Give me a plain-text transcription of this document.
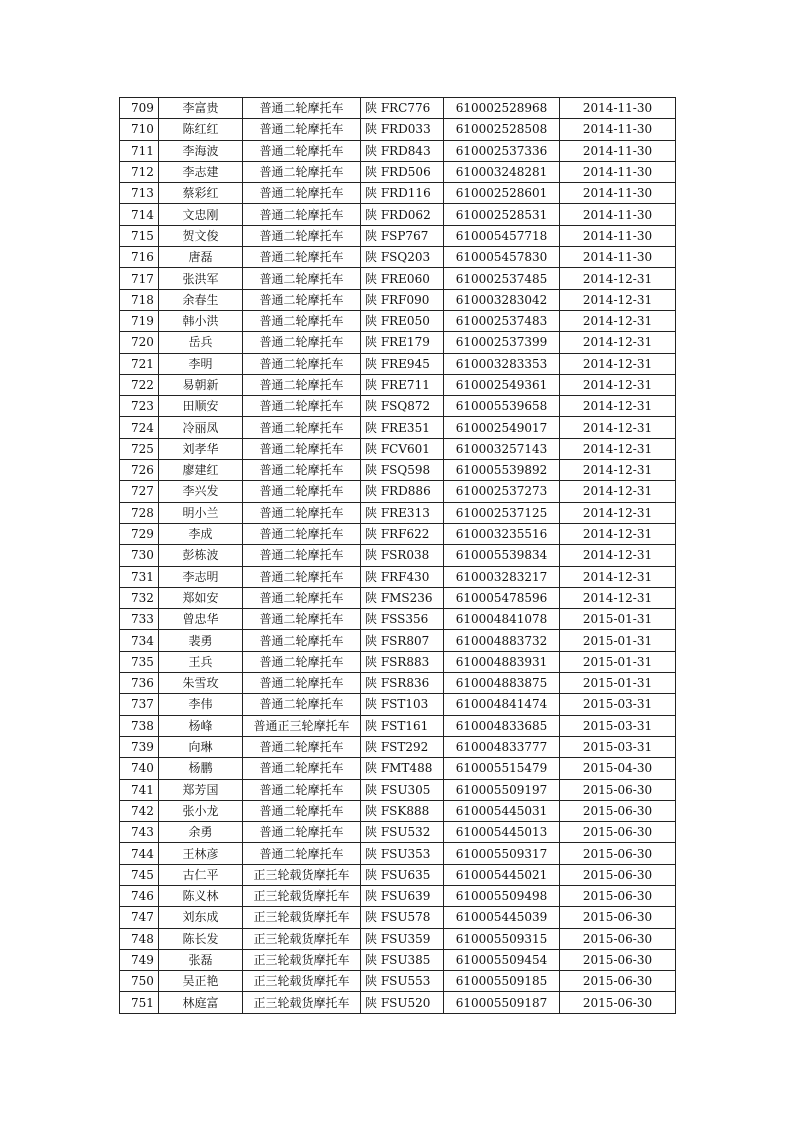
709	李富贵	普通二轮摩托车	陕 FRC776	610002528968	2014-11-30
710	陈红红	普通二轮摩托车	陕 FRD033	610002528508	2014-11-30
711	李海波	普通二轮摩托车	陕 FRD843	610002537336	2014-11-30
712	李志建	普通二轮摩托车	陕 FRD506	610003248281	2014-11-30
713	蔡彩红	普通二轮摩托车	陕 FRD116	610002528601	2014-11-30
714	文忠刚	普通二轮摩托车	陕 FRD062	610002528531	2014-11-30
715	贺文俊	普通二轮摩托车	陕 FSP767	610005457718	2014-11-30
716	唐磊	普通二轮摩托车	陕 FSQ203	610005457830	2014-11-30
717	张洪军	普通二轮摩托车	陕 FRE060	610002537485	2014-12-31
718	余春生	普通二轮摩托车	陕 FRF090	610003283042	2014-12-31
719	韩小洪	普通二轮摩托车	陕 FRE050	610002537483	2014-12-31
720	岳兵	普通二轮摩托车	陕 FRE179	610002537399	2014-12-31
721	李明	普通二轮摩托车	陕 FRE945	610003283353	2014-12-31
722	易朝新	普通二轮摩托车	陕 FRE711	610002549361	2014-12-31
723	田顺安	普通二轮摩托车	陕 FSQ872	610005539658	2014-12-31
724	冷丽凤	普通二轮摩托车	陕 FRE351	610002549017	2014-12-31
725	刘孝华	普通二轮摩托车	陕 FCV601	610003257143	2014-12-31
726	廖建红	普通二轮摩托车	陕 FSQ598	610005539892	2014-12-31
727	李兴发	普通二轮摩托车	陕 FRD886	610002537273	2014-12-31
728	明小兰	普通二轮摩托车	陕 FRE313	610002537125	2014-12-31
729	李成	普通二轮摩托车	陕 FRF622	610003235516	2014-12-31
730	彭栋波	普通二轮摩托车	陕 FSR038	610005539834	2014-12-31
731	李志明	普通二轮摩托车	陕 FRF430	610003283217	2014-12-31
732	郑如安	普通二轮摩托车	陕 FMS236	610005478596	2014-12-31
733	曾忠华	普通二轮摩托车	陕 FSS356	610004841078	2015-01-31
734	裴勇	普通二轮摩托车	陕 FSR807	610004883732	2015-01-31
735	王兵	普通二轮摩托车	陕 FSR883	610004883931	2015-01-31
736	朱雪玫	普通二轮摩托车	陕 FSR836	610004883875	2015-01-31
737	李伟	普通二轮摩托车	陕 FST103	610004841474	2015-03-31
738	杨峰	普通正三轮摩托车	陕 FST161	610004833685	2015-03-31
739	向琳	普通二轮摩托车	陕 FST292	610004833777	2015-03-31
740	杨鹏	普通二轮摩托车	陕 FMT488	610005515479	2015-04-30
741	郑芳国	普通二轮摩托车	陕 FSU305	610005509197	2015-06-30
742	张小龙	普通二轮摩托车	陕 FSK888	610005445031	2015-06-30
743	余勇	普通二轮摩托车	陕 FSU532	610005445013	2015-06-30
744	王林彦	普通二轮摩托车	陕 FSU353	610005509317	2015-06-30
745	古仁平	正三轮载货摩托车	陕 FSU635	610005445021	2015-06-30
746	陈义林	正三轮载货摩托车	陕 FSU639	610005509498	2015-06-30
747	刘东成	正三轮载货摩托车	陕 FSU578	610005445039	2015-06-30
748	陈长发	正三轮载货摩托车	陕 FSU359	610005509315	2015-06-30
749	张磊	正三轮载货摩托车	陕 FSU385	610005509454	2015-06-30
750	吴正艳	正三轮载货摩托车	陕 FSU553	610005509185	2015-06-30
751	林庭富	正三轮载货摩托车	陕 FSU520	610005509187	2015-06-30
